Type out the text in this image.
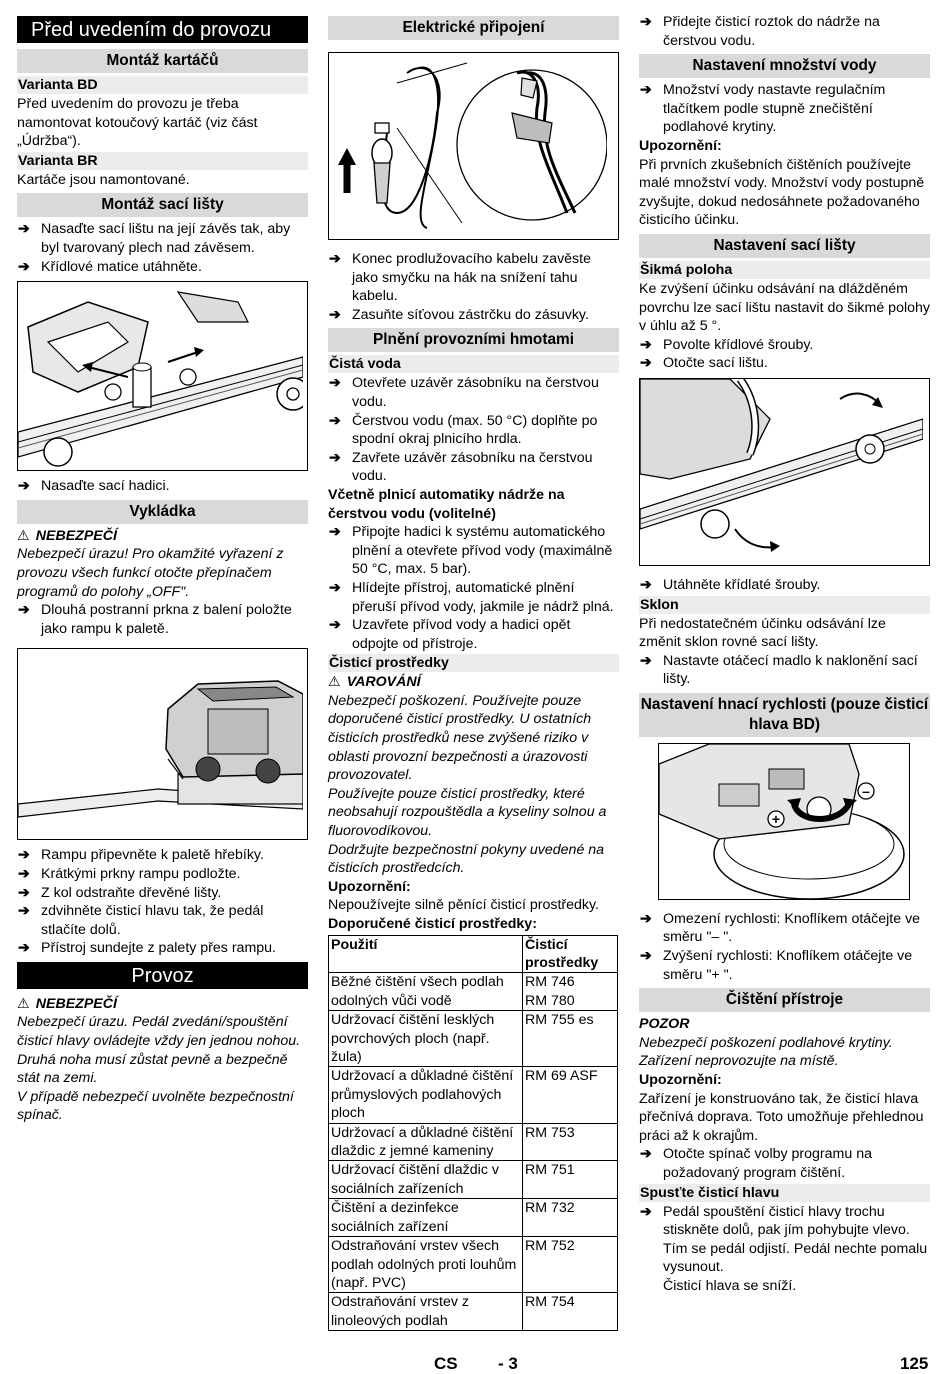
Před uvedením do provozu
Montáž kartáčů
Varianta BD

Před uvedením do provozu je třeba namontovat kotoučový kartáč (viz část „Údržba“).

Varianta BR

Kartáče jsou namontované.

Montáž sací lišty
➔ Nasaďte sací lištu na její závěs tak, aby byl tvarovaný plech nad závěsem.
➔ Křídlové matice utáhněte.
➔ Nasaďte sací hadici.
Vykládka
⚠ NEBEZPEČÍ

Nebezpečí úrazu! Pro okamžité vyřazení z provozu všech funkcí otočte přepínačem programů do polohy „OFF".

➔ Dlouhá postranní prkna z balení položte jako rampu k paletě.
➔ Rampu připevněte k paletě hřebíky.
➔ Krátkými prkny rampu podložte.
➔ Z kol odstraňte dřevěné lišty.
➔ zdvihněte čisticí hlavu tak, že pedál stlačíte dolů.
➔ Přístroj sundejte z palety přes rampu.
Provoz
⚠ NEBEZPEČÍ

Nebezpečí úrazu. Pedál zvedání/spouštění čisticí hlavy ovládejte vždy jen jednou nohou. Druhá noha musí zůstat pevně a bezpečně stát na zemi.

V případě nebezpečí uvolněte bezpečnostní spínač.

Elektrické připojení
➔ Konec prodlužovacího kabelu zavěste jako smyčku na hák na snížení tahu kabelu.
➔ Zasuňte síťovou zástrčku do zásuvky.
Plnění provozními hmotami
Čistá voda
➔ Otevřete uzávěr zásobníku na čerstvou vodu.
➔ Čerstvou vodu (max. 50 °C) doplňte po spodní okraj plnicího hrdla.
➔ Zavřete uzávěr zásobníku na čerstvou vodu.

Včetně plnicí automatiky nádrže na čerstvou vodu (volitelné)

➔ Připojte hadici k systému automatického plnění a otevřete přívod vody (maximálně 50 °C, max. 5 bar).
➔ Hlídejte přístroj, automatické plnění přeruší přívod vody, jakmile je nádrž plná.
➔ Uzavřete přívod vody a hadici opět odpojte od přístroje.
Čisticí prostředky
⚠ VAROVÁNÍ

Nebezpečí poškození. Používejte pouze doporučené čisticí prostředky. U ostatních čisticích prostředků nese zvýšené riziko v oblasti provozní bezpečnosti a úrazovosti provozovatel.

Používejte pouze čisticí prostředky, které neobsahují rozpouštědla a kyseliny solnou a fluorovodíkovou.

Dodržujte bezpečnostní pokyny uvedené na čisticích prostředcích.

Upozornění:

Nepoužívejte silně pěnící čisticí prostředky.

Doporučené čisticí prostředky:

Použití	Čisticí prostředky
Běžné čištění všech podlah odolných vůči vodě	RM 746
RM 780
Udržovací čištění lesklých povrchových ploch (např. žula)	RM 755 es
Udržovací a důkladné čištění průmyslových podlahových ploch	RM 69 ASF
Udržovací a důkladné čištění dlaždic z jemné kameniny	RM 753
Udržovací čištění dlaždic v sociálních zařízeních	RM 751
Čištění a dezinfekce sociálních zařízení	RM 732
Odstraňování vrstev všech podlah odolných proti louhům (např. PVC)	RM 752
Odstraňování vrstev z linoleových podlah	RM 754
➔ Přidejte čisticí roztok do nádrže na čerstvou vodu.
Nastavení množství vody
➔ Množství vody nastavte regulačním tlačítkem podle stupně znečištění podlahové krytiny.

Upozornění:

Při prvních zkušebních čištěních používejte malé množství vody. Množství vody postupně zvyšujte, dokud nedosáhnete požadovaného čisticího účinku.

Nastavení sací lišty
Šikmá poloha

Ke zvýšení účinku odsávání na dlážděném povrchu lze sací lištu nastavit do šikmé polohy v úhlu až 5 °.

➔ Povolte křídlové šrouby.
➔ Otočte sací lištu.
➔ Utáhněte křídlaté šrouby.
Sklon

Při nedostatečném účinku odsávání lze změnit sklon rovné sací lišty.

➔ Nastavte otáčecí madlo k naklonění sací lišty.
Nastavení hnací rychlosti (pouze čisticí hlava BD)
+
–
➔ Omezení rychlosti: Knoflíkem otáčejte ve směru "– ".
➔ Zvýšení rychlosti: Knoflíkem otáčejte ve směru "+ ".
Čištění přístroje

POZOR

Nebezpečí poškození podlahové krytiny. Zařízení neprovozujte na místě.

Upozornění:

Zařízení je konstruováno tak, že čisticí hlava přečnívá doprava. Toto umožňuje přehlednou práci až k okrajům.

➔ Otočte spínač volby programu na požadovaný program čištění.
Spusťte čisticí hlavu
➔ Pedál spouštění čisticí hlavy trochu stiskněte dolů, pak jím pohybujte vlevo. Tím se pedál odjistí. Pedál nechte pomalu vysunout.

Čisticí hlava se sníží.

CS - 3	125
